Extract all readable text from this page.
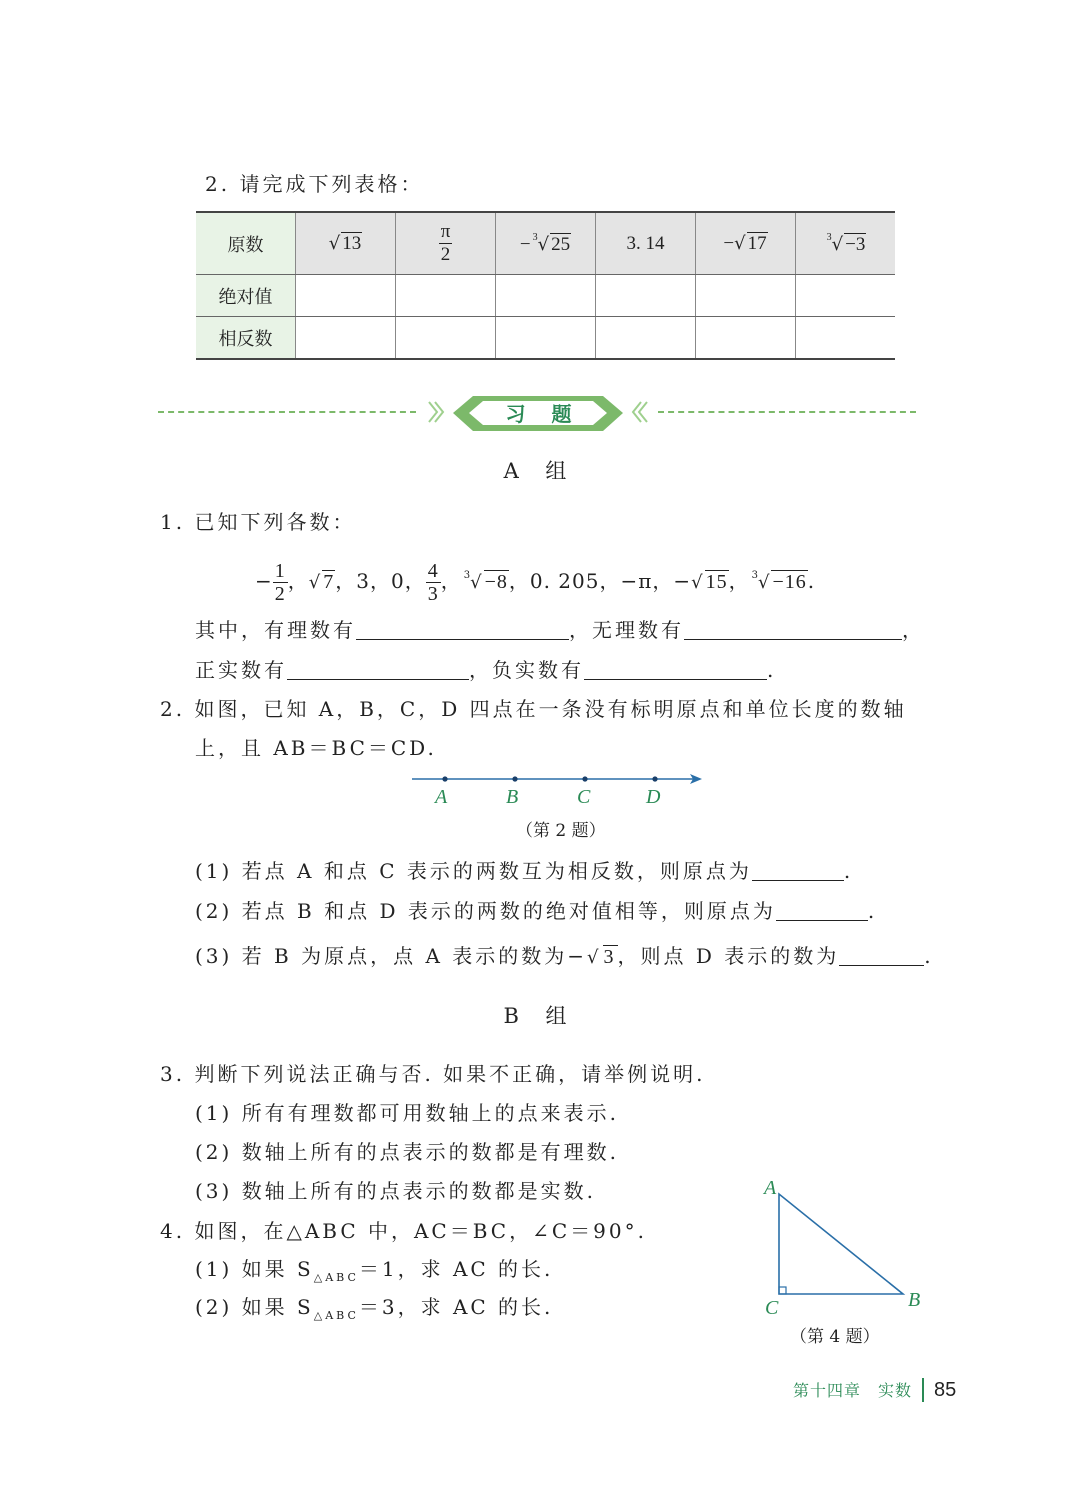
2. 请完成下列表格：
原数	√ 13	$\frac{\pi}{2}$	− $^3$√ 25	3. 14	−√ 17	$^3$√ −3
绝对值						
相反数						
习　题
A 组
1. 已知下列各数：
− $\frac{1}{2}$ ，√ 7，3，0， $\frac{4}{3}$ ， $^3$√ −8，0. 205，−π，−√ 15， $^3$√ −16.
其中，有理数有	，无理数有	，
正实数有	，负实数有	.
2. 如图，已知 A，B，C，D 四点在一条没有标明原点和单位长度的数轴
上，且 AB＝BC＝CD.
A	B	C	D
（第 2 题）
(1) 若点 A 和点 C 表示的两数互为相反数，则原点为	.
(2) 若点 B 和点 D 表示的两数的绝对值相等，则原点为	.
(3) 若 B 为原点，点 A 表示的数为−√ 3，则点 D 表示的数为	.
B 组
3. 判断下列说法正确与否. 如果不正确，请举例说明.
(1) 所有有理数都可用数轴上的点来表示.
(2) 数轴上所有的点表示的数都是有理数.
(3) 数轴上所有的点表示的数都是实数.
4. 如图，在△ABC 中，AC＝BC，∠C＝90°.
(1) 如果 $S_{\triangle ABC}=1$，求 AC 的长.
(2) 如果 $S_{\triangle ABC}=3$，求 AC 的长.
A
B
C
（第 4 题）
第十四章　实数 85
